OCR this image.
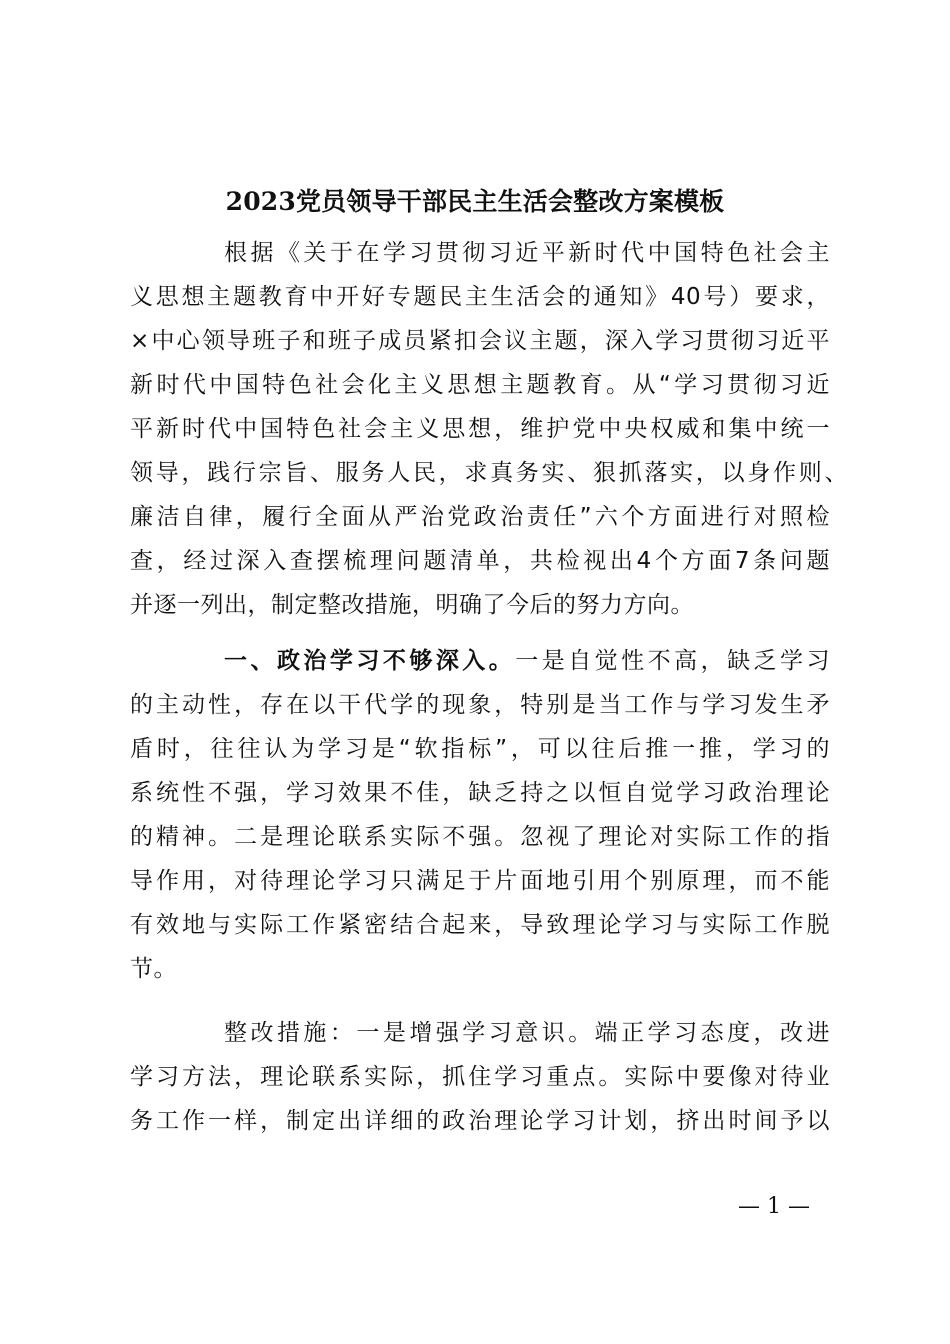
2023党员领导干部民主生活会整改方案模板
根据《关于在学习贯彻习近平新时代中国特色社会主
义思想主题教育中开好专题民主生活会的通知》40号）要求，
×中心领导班子和班子成员紧扣会议主题，深入学习贯彻习近平
新时代中国特色社会化主义思想主题教育。从“学习贯彻习近
平新时代中国特色社会主义思想，维护党中央权威和集中统一
领导，践行宗旨、服务人民，求真务实、狠抓落实，以身作则、
廉洁自律，履行全面从严治党政治责任”六个方面进行对照检
查，经过深入查摆梳理问题清单，共检视出4个方面7条问题
并逐一列出，制定整改措施，明确了今后的努力方向。
一、政治学习不够深入。一是自觉性不高，缺乏学习
的主动性，存在以干代学的现象，特别是当工作与学习发生矛
盾时，往往认为学习是“软指标”，可以往后推一推，学习的
系统性不强，学习效果不佳，缺乏持之以恒自觉学习政治理论
的精神。二是理论联系实际不强。忽视了理论对实际工作的指
导作用，对待理论学习只满足于片面地引用个别原理，而不能
有效地与实际工作紧密结合起来，导致理论学习与实际工作脱
节。
整改措施：一是增强学习意识。端正学习态度，改进
学习方法，理论联系实际，抓住学习重点。实际中要像对待业
务工作一样，制定出详细的政治理论学习计划，挤出时间予以
— 1 —
